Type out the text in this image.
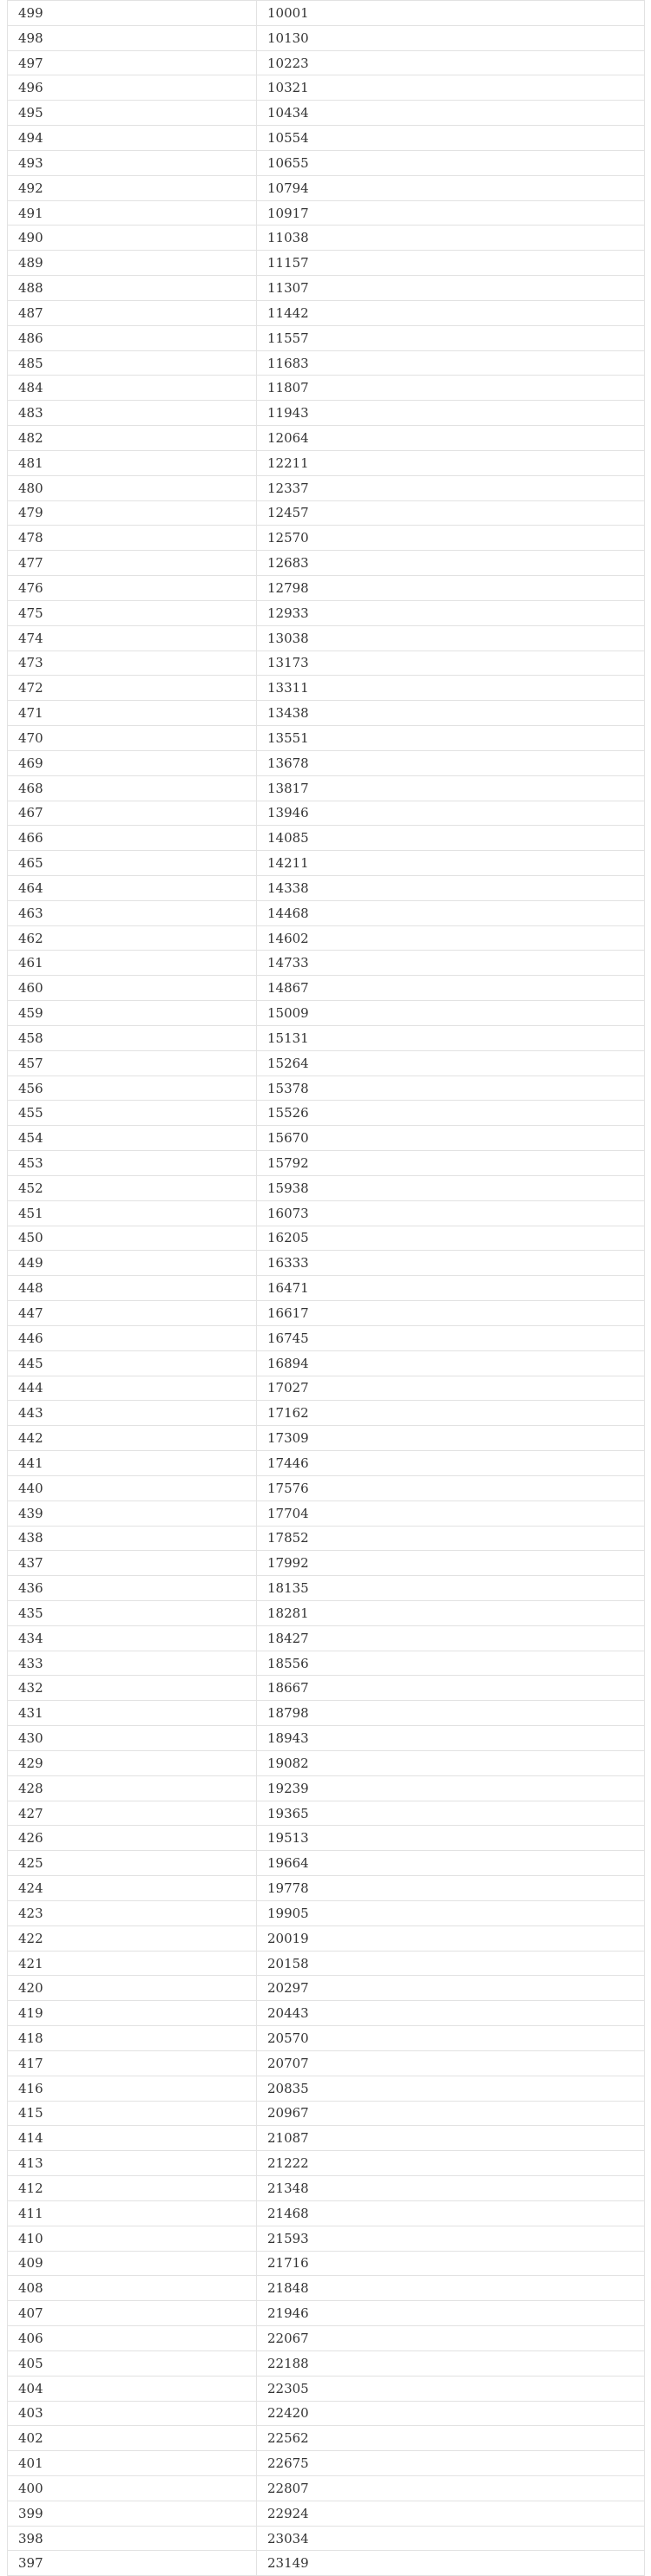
499	10001
498	10130
497	10223
496	10321
495	10434
494	10554
493	10655
492	10794
491	10917
490	11038
489	11157
488	11307
487	11442
486	11557
485	11683
484	11807
483	11943
482	12064
481	12211
480	12337
479	12457
478	12570
477	12683
476	12798
475	12933
474	13038
473	13173
472	13311
471	13438
470	13551
469	13678
468	13817
467	13946
466	14085
465	14211
464	14338
463	14468
462	14602
461	14733
460	14867
459	15009
458	15131
457	15264
456	15378
455	15526
454	15670
453	15792
452	15938
451	16073
450	16205
449	16333
448	16471
447	16617
446	16745
445	16894
444	17027
443	17162
442	17309
441	17446
440	17576
439	17704
438	17852
437	17992
436	18135
435	18281
434	18427
433	18556
432	18667
431	18798
430	18943
429	19082
428	19239
427	19365
426	19513
425	19664
424	19778
423	19905
422	20019
421	20158
420	20297
419	20443
418	20570
417	20707
416	20835
415	20967
414	21087
413	21222
412	21348
411	21468
410	21593
409	21716
408	21848
407	21946
406	22067
405	22188
404	22305
403	22420
402	22562
401	22675
400	22807
399	22924
398	23034
397	23149
